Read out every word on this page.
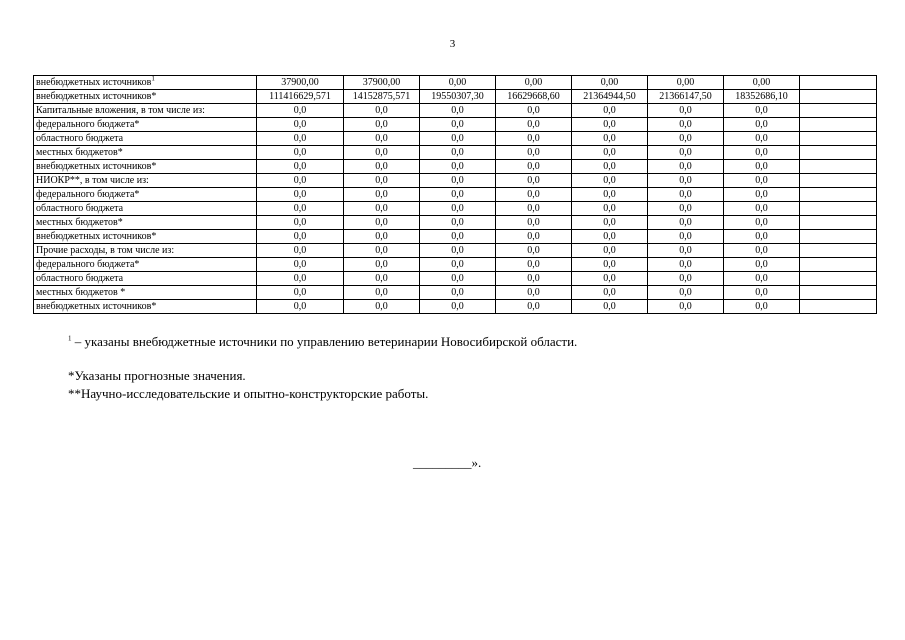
3
внебюджетных источников$^1$	37900,00	37900,00	0,00	0,00	0,00	0,00	0,00	
внебюджетных источников*	111416629,571	14152875,571	19550307,30	16629668,60	21364944,50	21366147,50	18352686,10	
Капитальные вложения, в том числе из:	0,0	0,0	0,0	0,0	0,0	0,0	0,0	
федерального бюджета*	0,0	0,0	0,0	0,0	0,0	0,0	0,0	
областного бюджета	0,0	0,0	0,0	0,0	0,0	0,0	0,0	
местных бюджетов*	0,0	0,0	0,0	0,0	0,0	0,0	0,0	
внебюджетных источников*	0,0	0,0	0,0	0,0	0,0	0,0	0,0	
НИОКР**, в том числе из:	0,0	0,0	0,0	0,0	0,0	0,0	0,0	
федерального бюджета*	0,0	0,0	0,0	0,0	0,0	0,0	0,0	
областного бюджета	0,0	0,0	0,0	0,0	0,0	0,0	0,0	
местных бюджетов*	0,0	0,0	0,0	0,0	0,0	0,0	0,0	
внебюджетных источников*	0,0	0,0	0,0	0,0	0,0	0,0	0,0	
Прочие расходы, в том числе из:	0,0	0,0	0,0	0,0	0,0	0,0	0,0	
федерального бюджета*	0,0	0,0	0,0	0,0	0,0	0,0	0,0	
областного бюджета	0,0	0,0	0,0	0,0	0,0	0,0	0,0	
местных бюджетов *	0,0	0,0	0,0	0,0	0,0	0,0	0,0	
внебюджетных источников*	0,0	0,0	0,0	0,0	0,0	0,0	0,0	
$^1$ – указаны внебюджетные источники по управлению ветеринарии Новосибирской области.
*Указаны прогнозные значения.
**Научно-исследовательские и опытно-конструкторские работы.
_________».
